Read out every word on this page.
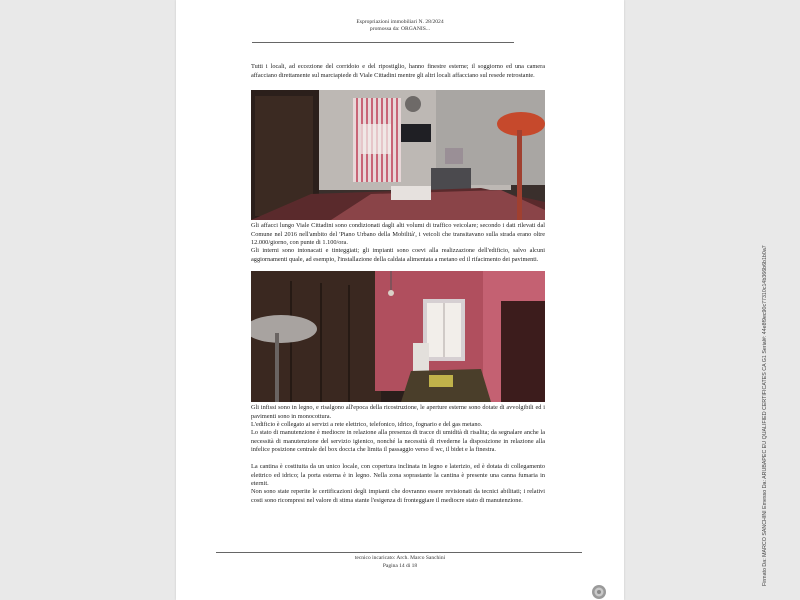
Espropriazioni immobiliari N. 28/2024
promossa da: ORGANIS...

Tutti i locali, ad eccezione del corridoio e del ripostiglio, hanno finestre esterne; il soggiorno ed una camera affacciano direttamente sul marciapiede di Viale Cittadini mentre gli altri locali affacciano sul resede retrostante.

Gli affacci lungo Viale Cittadini sono condizionati dagli alti volumi di traffico veicolare; secondo i dati rilevati dal Comune nel 2016 nell'ambito del 'Piano Urbano della Mobilità', i veicoli che transitavano sulla strada erano oltre 12.000/giorno, con punte di 1.100/ora.

Gli interni sono intonacati e tinteggiati; gli impianti sono coevi alla realizzazione dell'edificio, salvo alcuni aggiornamenti quale, ad esempio, l'installazione della caldaia alimentata a metano ed il rifacimento dei pavimenti.

Gli infissi sono in legno, e risalgono all'epoca della ricostruzione, le aperture esterne sono dotate di avvolgibili ed i pavimenti sono in monocottura.

L'edificio è collegato ai servizi a rete elettrico, telefonico, idrico, fognario e del gas metano.

Lo stato di manutenzione è mediocre in relazione alla presenza di tracce di umidità di risalita; da segnalare anche la necessità di manutenzione del servizio igienico, nonché la necessità di rivederne la disposizione in relazione alla infelice posizione centrale del box doccia che limita il passaggio verso il wc, il bidet e la finestra.

La cantina è costituita da un unico locale, con copertura inclinata in legno e laterizio, ed è dotata di collegamento elettrico ed idrico; la porta esterna è in legno. Nella zona soprastante la cantina è presente una canna fumaria in eternit.

Non sono state reperite le certificazioni degli impianti che dovranno essere revisionati da tecnici abilitati; i relativi costi sono ricompresi nel valore di stima stante l'esigenza di fronteggiare il mediocre stato di manutenzione.

tecnico incaricato: Arch. Marco Sanchini
Pagina 14 di 18	Firmato Da: MARCO SANCHINI Emesso Da: ARUBAPEC EU QUALIFIED CERTIFICATES CA G1 Serial#: 44e8f9ec90c77310c14b366b6b1b0a7
